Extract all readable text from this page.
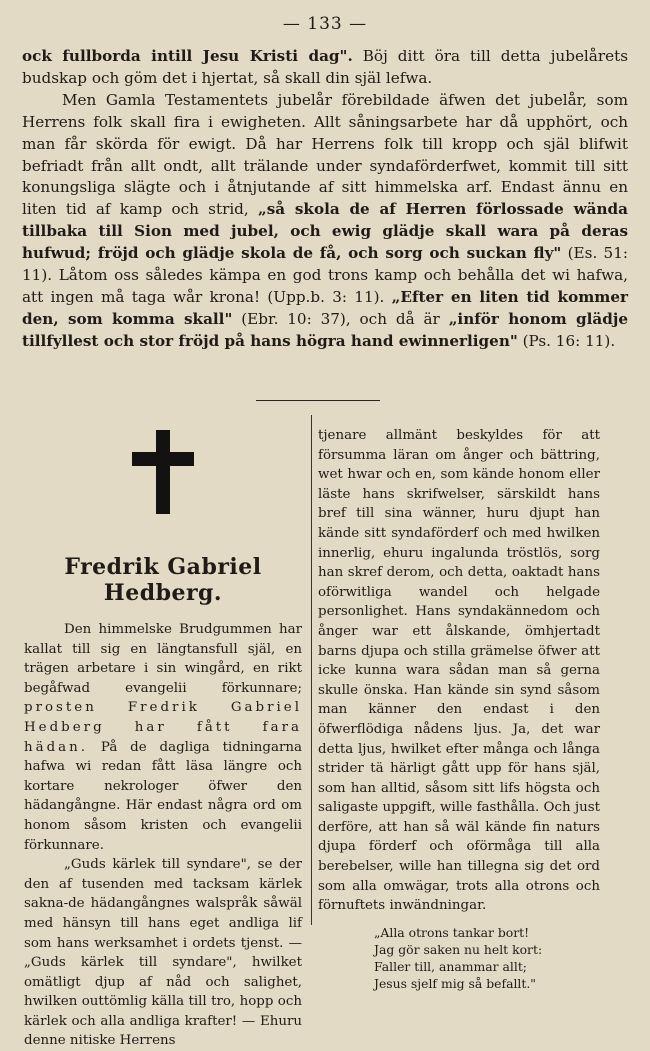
— 133 —

ock fullborda intill Jesu Kristi dag". Böj ditt öra till detta jubelårets budskap och göm det i hjertat, så skall din själ lefwa.

Men Gamla Testamentets jubelår förebildade äfwen det jubelår, som Herrens folk skall fira i ewigheten. Allt såningsarbete har då upphört, och man får skörda för ewigt. Då har Herrens folk till kropp och själ blifwit befriadt från allt ondt, allt trälande under syndaförderfwet, kommit till sitt konungsliga slägte och i åtnjutande af sitt himmelska arf. Endast ännu en liten tid af kamp och strid, „så skola de af Herren förlossade wända tillbaka till Sion med jubel, och ewig glädje skall wara på deras hufwud; fröjd och glädje skola de få, och sorg och suckan fly" (Es. 51: 11). Låtom oss således kämpa en god trons kamp och behålla det wi hafwa, att ingen må taga wår krona! (Upp.b. 3: 11). „Efter en liten tid kommer den, som komma skall" (Ebr. 10: 37), och då är „inför honom glädje tillfyllest och stor fröjd på hans högra hand ewinnerligen" (Ps. 16: 11).

Fredrik Gabriel Hedberg.

Den himmelske Brudgummen har kallat till sig en längtansfull själ, en trägen arbetare i sin wingård, en rikt begåfwad evangelii förkunnare; prosten Fredrik Gabriel Hedberg har fått fara hädan. På de dagliga tidningarna hafwa wi redan fått läsa längre och kortare nekrologer öfwer den hädangångne. Här endast några ord om honom såsom kristen och evangelii förkunnare.

„Guds kärlek till syndare", se der den af tusenden med tacksam kärlek sakna-de hädangångnes walspråk såwäl med hänsyn till hans eget andliga lif som hans werksamhet i ordets tjenst. — „Guds kärlek till syndare", hwilket omätligt djup af nåd och salighet, hwilken outtömlig källa till tro, hopp och kärlek och alla andliga krafter! — Ehuru denne nitiske Herrens

tjenare allmänt beskyldes för att försumma läran om ånger och bättring, wet hwar och en, som kände honom eller läste hans skrifwelser, särskildt hans bref till sina wänner, huru djupt han kände sitt syndaförderf och med hwilken innerlig, ehuru ingalunda tröstlös, sorg han skref derom, och detta, oaktadt hans oförwitliga wandel och helgade personlighet. Hans syndakännedom och ånger war ett ålskande, ömhjertadt barns djupa och stilla grämelse öfwer att icke kunna wara sådan man så gerna skulle önska. Han kände sin synd såsom man känner den endast i den öfwerflödiga nådens ljus. Ja, det war detta ljus, hwilket efter många och långa strider tä härligt gått upp för hans själ, som han alltid, såsom sitt lifs högsta och saligaste uppgift, wille fasthålla. Och just derföre, att han så wäl kände fin naturs djupa förderf och oförmåga till alla berebelser, wille han tillegna sig det ord som alla omwägar, trots alla otrons och förnuftets inwändningar.

„Alla otrons tankar bort!
Jag gör saken nu helt kort:
Faller till, anammar allt;
Jesus sjelf mig så befallt."
